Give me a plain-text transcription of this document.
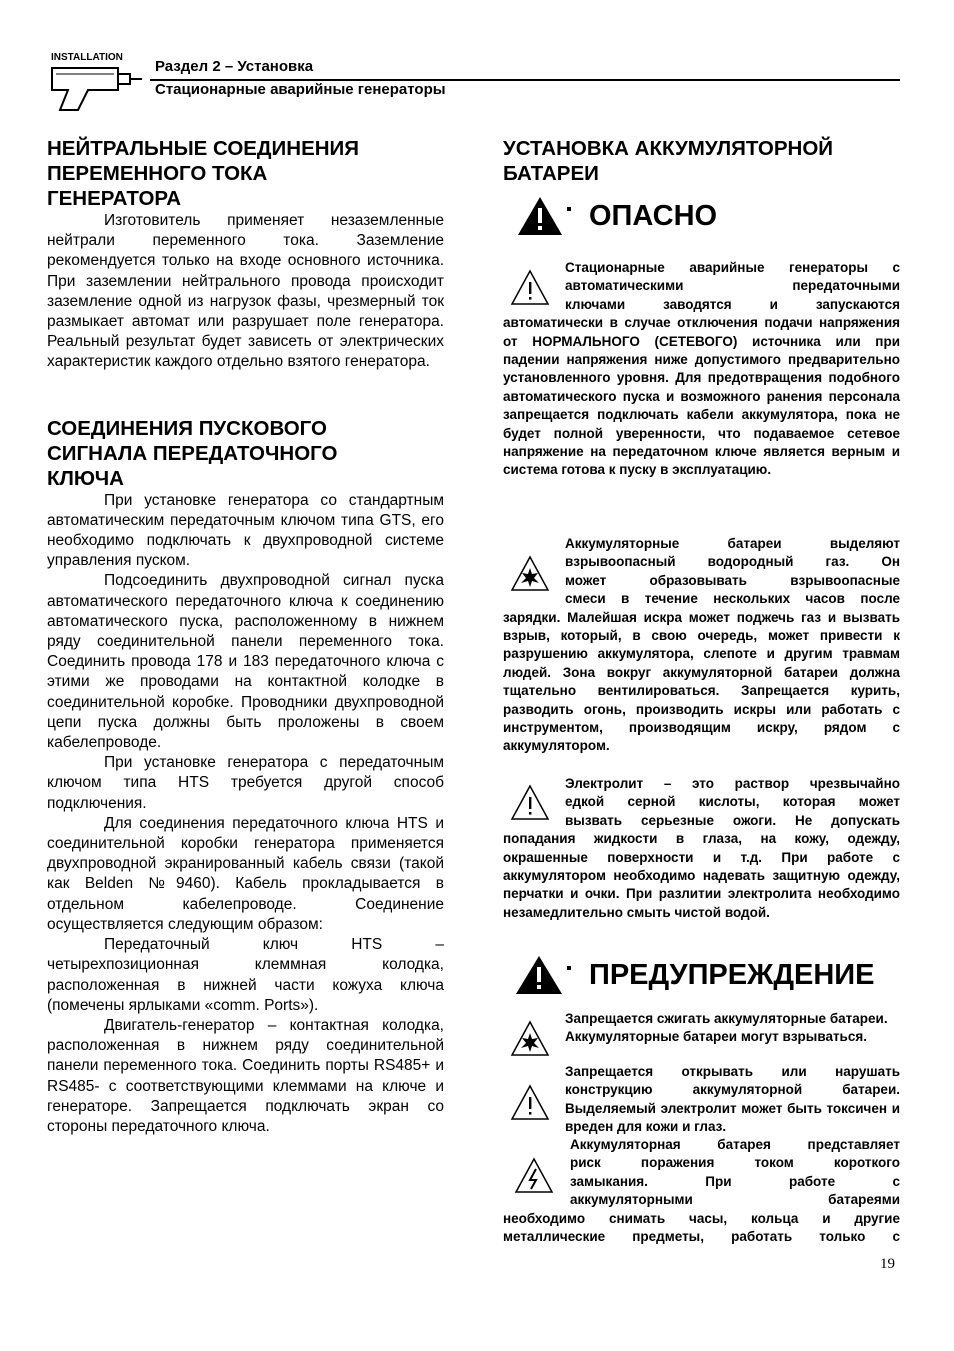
INSTALLATION
Раздел 2 – Установка
Стационарные аварийные генераторы
НЕЙТРАЛЬНЫЕ СОЕДИНЕНИЯ
ПЕРЕМЕННОГО ТОКА
ГЕНЕРАТОРА

Изготовитель применяет незаземленные нейтрали переменного тока. Заземление рекомендуется только на входе основного источника. При заземлении нейтрального провода происходит заземление одной из нагрузок фазы, чрезмерный ток размыкает автомат или разрушает поле генератора. Реальный результат будет зависеть от электрических характеристик каждого отдельно взятого генератора.

СОЕДИНЕНИЯ ПУСКОВОГО
СИГНАЛА ПЕРЕДАТОЧНОГО
КЛЮЧА

При установке генератора со стандартным автоматическим передаточным ключом типа GTS, его необходимо подключать к двухпроводной системе управления пуском.

Подсоединить двухпроводной сигнал пуска автоматического передаточного ключа к соединению автоматического пуска, расположенному в нижнем ряду соединительной панели переменного тока. Соединить провода 178 и 183 передаточного ключа с этими же проводами на контактной колодке в соединительной коробке. Проводники двухпроводной цепи пуска должны быть проложены в своем кабелепроводе.

При установке генератора с передаточным ключом типа HTS требуется другой способ подключения.

Для соединения передаточного ключа HTS и соединительной коробки генератора применяется двухпроводной экранированный кабель связи (такой как Belden №9460). Кабель прокладывается в отдельном кабелепроводе. Соединение осуществляется следующим образом:

Передаточный ключ HTS – четырехпозиционная клеммная колодка, расположенная в нижней части кожуха ключа (помечены ярлыками «comm. Ports»).

Двигатель-генератор – контактная колодка, расположенная в нижнем ряду соединительной панели переменного тока. Соединить порты RS485+ и RS485- с соответствующими клеммами на ключе и генераторе. Запрещается подключать экран со стороны передаточного ключа.

УСТАНОВКА АККУМУЛЯТОРНОЙ
БАТАРЕИ
ОПАСНО
Стационарные аварийные генераторы с
автоматическими передаточными
ключами заводятся и запускаются
автоматически в случае отключения подачи напряжения от НОРМАЛЬНОГО (СЕТЕВОГО) источника или при падении напряжения ниже допустимого предварительно установленного уровня. Для предотвращения подобного автоматического пуска и возможного ранения персонала запрещается подключать кабели аккумулятора, пока не будет полной уверенности, что подаваемое сетевое напряжение на передаточном ключе является верным и система готова к пуску в эксплуатацию.
Аккумуляторные батареи выделяют
взрывоопасный водородный газ. Он
может образовывать взрывоопасные
смеси в течение нескольких часов после
зарядки. Малейшая искра может поджечь газ и вызвать взрыв, который, в свою очередь, может привести к разрушению аккумулятора, слепоте и другим травмам людей. Зона вокруг аккумуляторной батареи должна тщательно вентилироваться. Запрещается курить, разводить огонь, производить искры или работать с инструментом, производящим искру, рядом с аккумулятором.
Электролит – это раствор чрезвычайно
едкой серной кислоты, которая может
вызвать серьезные ожоги. Не допускать
попадания жидкости в глаза, на кожу, одежду, окрашенные поверхности и т.д. При работе с аккумулятором необходимо надевать защитную одежду, перчатки и очки. При разлитии электролита необходимо незамедлительно смыть чистой водой.
ПРЕДУПРЕЖДЕНИЕ
Запрещается сжигать аккумуляторные батареи. Аккумуляторные батареи могут взрываться.
Запрещается открывать или нарушать конструкцию аккумуляторной батареи. Выделяемый электролит может быть токсичен и вреден для кожи и глаз.
Аккумуляторная батарея представляет
риск поражения током короткого
замыкания. При работе с
аккумуляторными батареями
необходимо снимать часы, кольца и другие металлические предметы, работать только с
19
